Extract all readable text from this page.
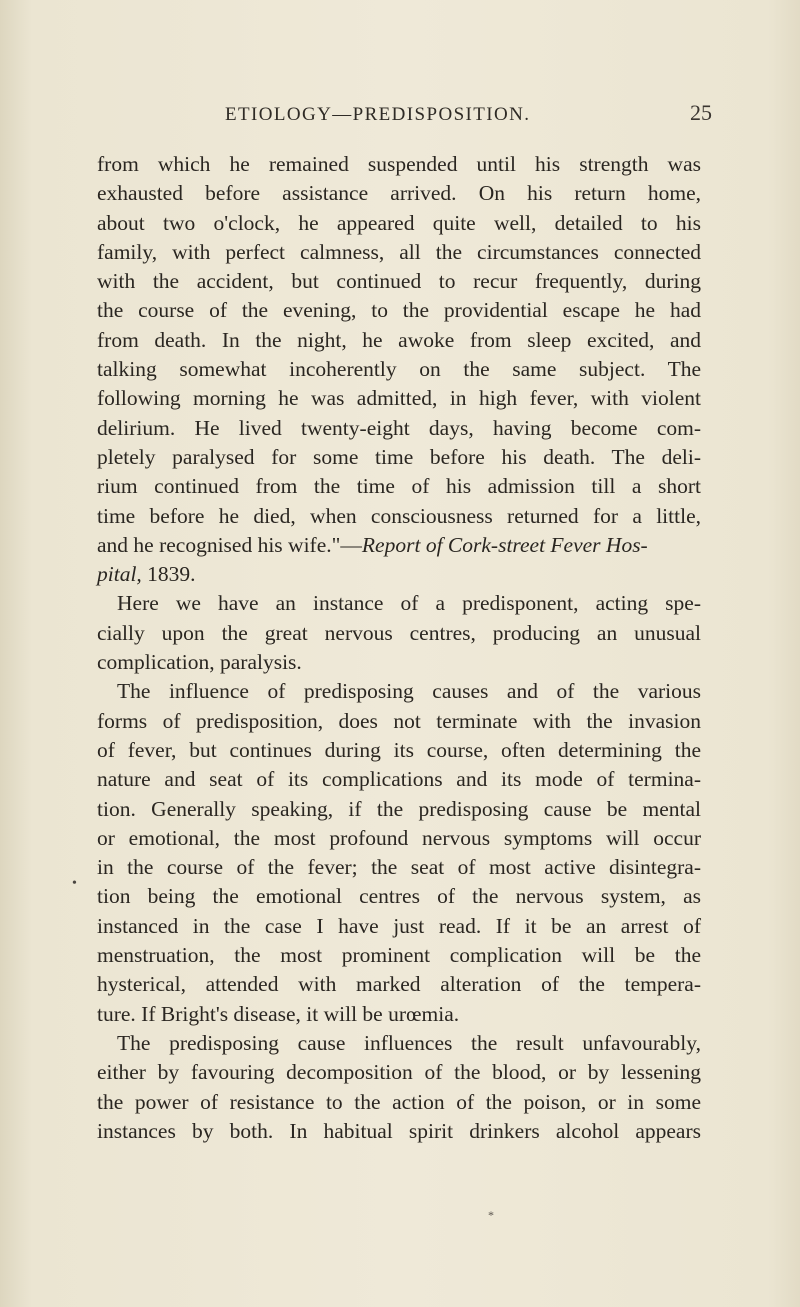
ETIOLOGY—PREDISPOSITION.	25
•
from which he remained suspended until his strength was
exhausted before assistance arrived. On his return home,
about two o'clock, he appeared quite well, detailed to his
family, with perfect calmness, all the circumstances connected
with the accident, but continued to recur frequently, during
the course of the evening, to the providential escape he had
from death. In the night, he awoke from sleep excited, and
talking somewhat incoherently on the same subject. The
following morning he was admitted, in high fever, with violent
delirium. He lived twenty-eight days, having become com-
pletely paralysed for some time before his death. The deli-
rium continued from the time of his admission till a short
time before he died, when consciousness returned for a little,
and he recognised his wife."—Report of Cork-street Fever Hos-
pital, 1839.
Here we have an instance of a predisponent, acting spe-
cially upon the great nervous centres, producing an unusual
complication, paralysis.
The influence of predisposing causes and of the various
forms of predisposition, does not terminate with the invasion
of fever, but continues during its course, often determining the
nature and seat of its complications and its mode of termina-
tion. Generally speaking, if the predisposing cause be mental
or emotional, the most profound nervous symptoms will occur
in the course of the fever; the seat of most active disintegra-
tion being the emotional centres of the nervous system, as
instanced in the case I have just read. If it be an arrest of
menstruation, the most prominent complication will be the
hysterical, attended with marked alteration of the tempera-
ture. If Bright's disease, it will be urœmia.
The predisposing cause influences the result unfavourably,
either by favouring decomposition of the blood, or by lessening
the power of resistance to the action of the poison, or in some
instances by both. In habitual spirit drinkers alcohol appears
*
